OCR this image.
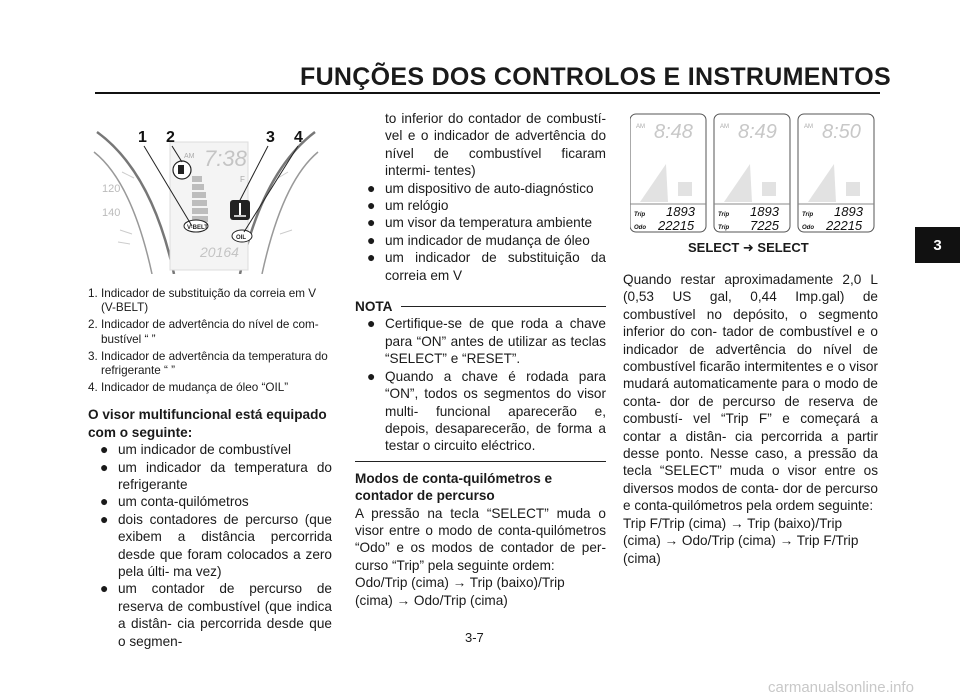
FUNÇÕES DOS CONTROLOS E INSTRUMENTOS
3
120
140
AM 7:38
F
V-BELT
OIL
20164
1 2	3 4
1. Indicador de substituição da correia em V (V-BELT)
2. Indicador de advertência do nível de com- bustível “ ”
3. Indicador de advertência da temperatura do refrigerante “ ”
4. Indicador de mudança de óleo “OIL”

O visor multifuncional está equipado com o seguinte:

● um indicador de combustível
● um indicador da temperatura do refrigerante
● um conta-quilómetros
● dois contadores de percurso (que exibem a distância percorrida desde que foram colocados a zero pela últi- ma vez)
● um contador de percurso de reserva de combustível (que indica a distân- cia percorrida desde que o segmen-

to inferior do contador de combustí- vel e o indicador de advertência do nível de combustível ficaram intermi- tentes)

● um dispositivo de auto-diagnóstico
● um relógio
● um visor da temperatura ambiente
● um indicador de mudança de óleo
● um indicador de substituição da correia em V
NOTA
● Certifique-se de que roda a chave para “ON” antes de utilizar as teclas “SELECT” e “RESET”.
● Quando a chave é rodada para “ON”, todos os segmentos do visor multi- funcional aparecerão e, depois, desaparecerão, de forma a testar o circuito eléctrico.

Modos de conta-quilómetros e contador de percurso

A pressão na tecla “SELECT” muda o visor entre o modo de conta-quilómetros “Odo” e os modos de contador de per- curso “Trip” pela seguinte ordem:

Odo/Trip (cima) → Trip (baixo)/Trip (cima) → Odo/Trip (cima)

AM 8:48
Trip 1893
Odo 22215
AM 8:49
Trip 1893
Trip 7225
AM 8:50
Trip 1893
Odo 22215
SELECT ➜ SELECT

Quando restar aproximadamente 2,0 L (0,53 US gal, 0,44 Imp.gal) de combustível no depósito, o segmento inferior do con- tador de combustível e o indicador de advertência do nível de combustível ficarão intermitentes e o visor mudará automaticamente para o modo de conta- dor de percurso de reserva de combustí- vel “Trip F” e começará a contar a distân- cia percorrida a partir desse ponto. Nesse caso, a pressão da tecla “SELECT” muda o visor entre os diversos modos de conta- dor de percurso e conta-quilómetros pela ordem seguinte:

Trip F/Trip (cima) → Trip (baixo)/Trip (cima) → Odo/Trip (cima) → Trip F/Trip (cima)

3-7
carmanualsonline.info
